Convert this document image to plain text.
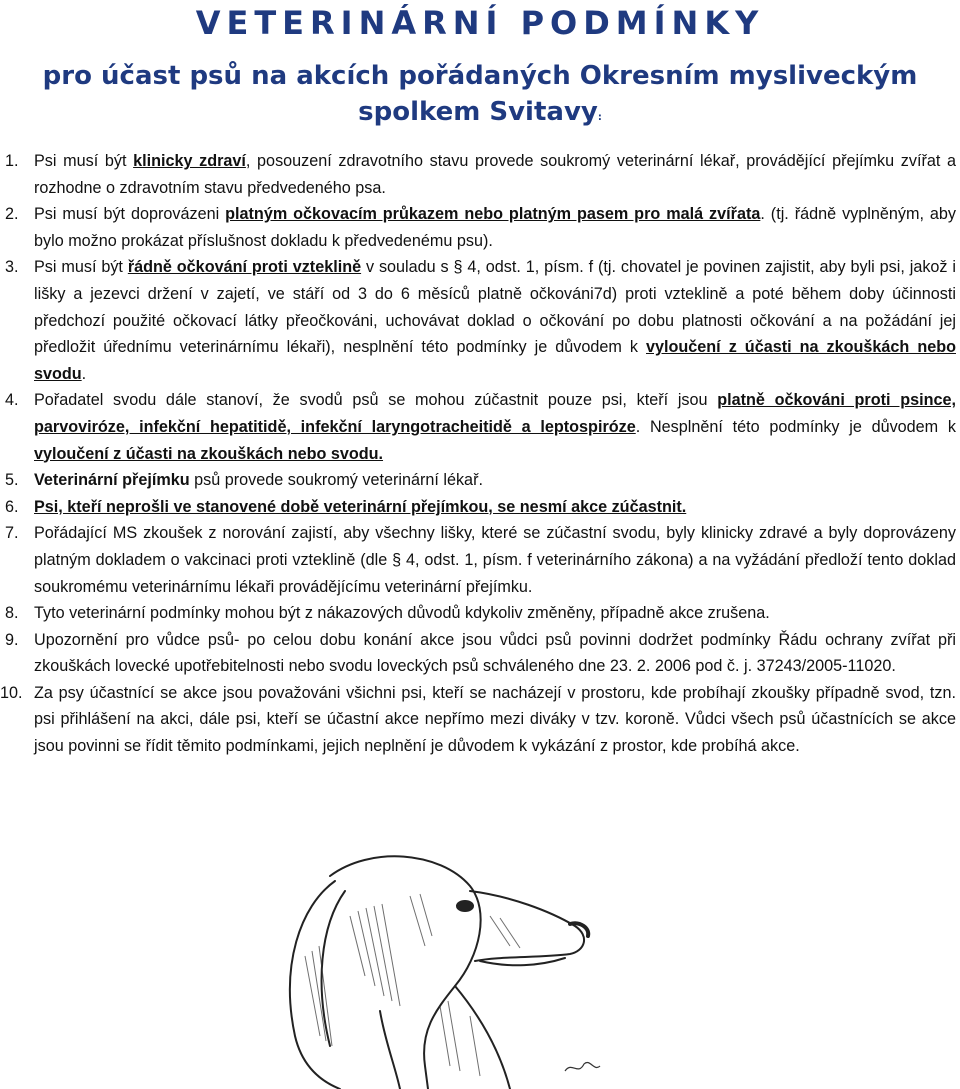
VETERINÁRNÍ PODMÍNKY
pro účast psů na akcích pořádaných Okresním mysliveckým spolkem Svitavy:
1. Psi musí být klinicky zdraví, posouzení zdravotního stavu provede soukromý veterinární lékař, provádějící přejímku zvířat a rozhodne o zdravotním stavu předvedeného psa.
2. Psi musí být doprovázeni platným očkovacím průkazem nebo platným pasem pro malá zvířata. (tj. řádně vyplněným, aby bylo možno prokázat příslušnost dokladu k předvedenému psu).
3. Psi musí být řádně očkování proti vzteklině v souladu s § 4, odst. 1, písm. f (tj. chovatel je povinen zajistit, aby byli psi, jakož i lišky a jezevci držení v zajetí, ve stáří od 3 do 6 měsíců platně očkováni7d) proti vzteklině a poté během doby účinnosti předchozí použité očkovací látky přeočkováni, uchovávat doklad o očkování po dobu platnosti očkování a na požádání jej předložit úřednímu veterinárnímu lékaři), nesplnění této podmínky je důvodem k vyloučení z účasti na zkouškách nebo svodu.
4. Pořadatel svodu dále stanoví, že svodů psů se mohou zúčastnit pouze psi, kteří jsou platně očkováni proti psince, parvoviróze, infekční hepatitidě, infekční laryngotracheitidě a leptospiróze. Nesplnění této podmínky je důvodem k vyloučení z účasti na zkouškách nebo svodu.
5. Veterinární přejímku psů provede soukromý veterinární lékař.
6. Psi, kteří neprošli ve stanovené době veterinární přejímkou, se nesmí akce zúčastnit.
7. Pořádající MS zkoušek z norování zajistí, aby všechny lišky, které se zúčastní svodu, byly klinicky zdravé a byly doprovázeny platným dokladem o vakcinaci proti vzteklině (dle § 4, odst. 1, písm. f veterinárního zákona) a na vyžádání předloží tento doklad soukromému veterinárnímu lékaři provádějícímu veterinární přejímku.
8. Tyto veterinární podmínky mohou být z nákazových důvodů kdykoliv změněny, případně akce zrušena.
9. Upozornění pro vůdce psů- po celou dobu konání akce jsou vůdci psů povinni dodržet podmínky Řádu ochrany zvířat při zkouškách lovecké upotřebitelnosti nebo svodu loveckých psů schváleného dne 23. 2. 2006 pod č. j. 37243/2005-11020.
10. Za psy účastnící se akce jsou považováni všichni psi, kteří se nacházejí v prostoru, kde probíhají zkoušky případně svod, tzn. psi přihlášení na akci, dále psi, kteří se účastní akce nepřímo mezi diváky v tzv. koroně. Vůdci všech psů účastnících se akce jsou povinni se řídit těmito podmínkami, jejich neplnění je důvodem k vykázání z prostor, kde probíhá akce.
